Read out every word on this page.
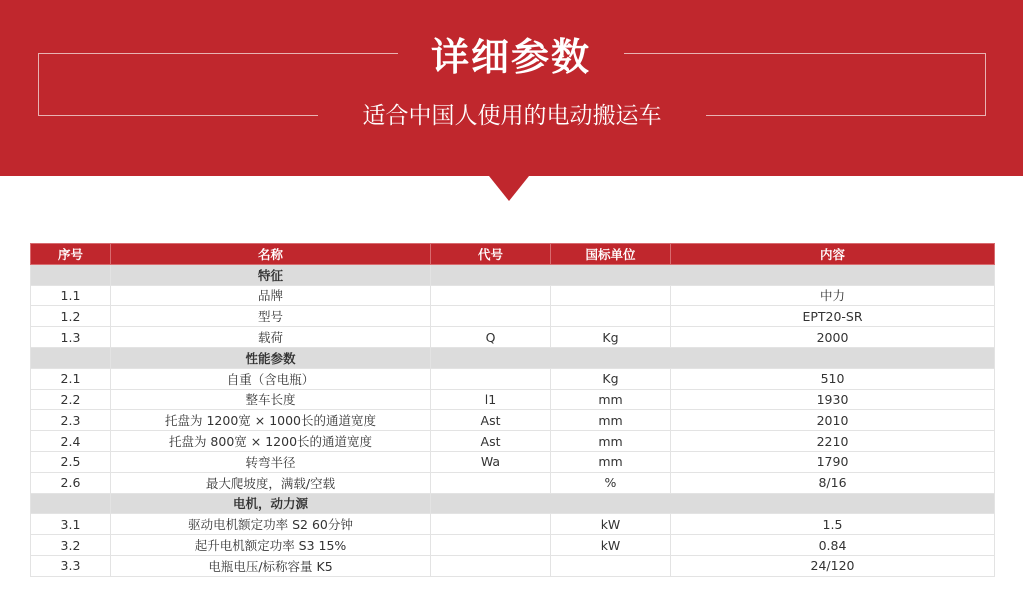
详细参数
适合中国人使用的电动搬运车
序号	名称	代号	国标单位	内容
	特征			
1.1	品牌			中力
1.2	型号			EPT20-SR
1.3	载荷	Q	Kg	2000
	性能参数			
2.1	自重（含电瓶）		Kg	510
2.2	整车长度	l1	mm	1930
2.3	托盘为 1200宽 × 1000长的通道宽度	Ast	mm	2010
2.4	托盘为 800宽 × 1200长的通道宽度	Ast	mm	2210
2.5	转弯半径	Wa	mm	1790
2.6	最大爬坡度，满载/空载		%	8/16
	电机，动力源			
3.1	驱动电机额定功率 S2 60分钟		kW	1.5
3.2	起升电机额定功率 S3 15%		kW	0.84
3.3	电瓶电压/标称容量 K5			24/120
